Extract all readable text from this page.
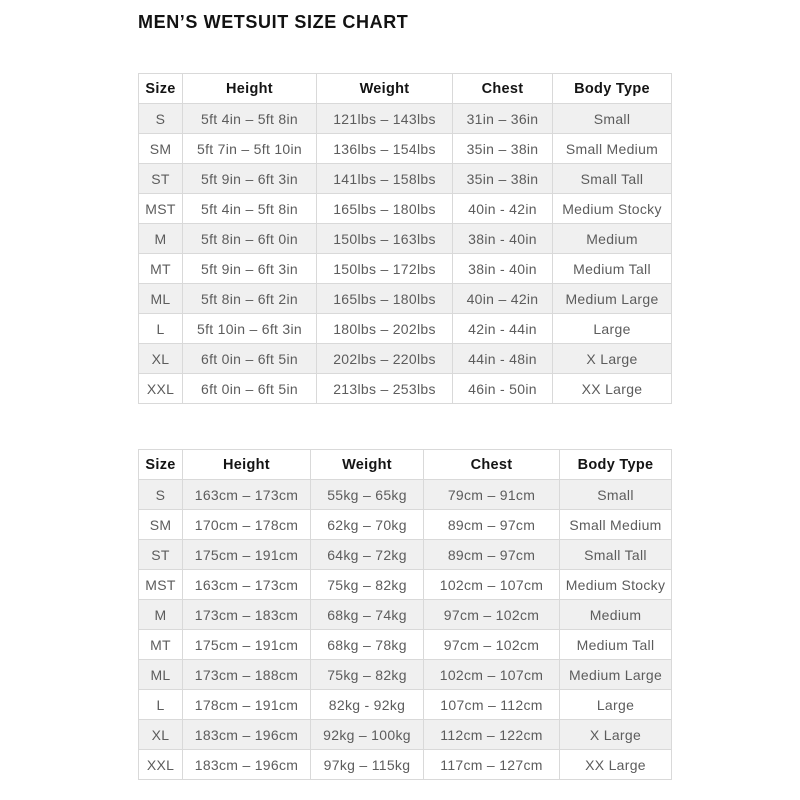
MEN’S WETSUIT SIZE CHART
Size	Height	Weight	Chest	Body Type
S	5ft 4in – 5ft 8in	121lbs – 143lbs	31in – 36in	Small
SM	5ft 7in – 5ft 10in	136lbs – 154lbs	35in – 38in	Small Medium
ST	5ft 9in – 6ft 3in	141lbs – 158lbs	35in – 38in	Small Tall
MST	5ft 4in – 5ft 8in	165lbs – 180lbs	40in - 42in	Medium Stocky
M	5ft 8in – 6ft 0in	150lbs – 163lbs	38in - 40in	Medium
MT	5ft 9in – 6ft 3in	150lbs – 172lbs	38in - 40in	Medium Tall
ML	5ft 8in – 6ft 2in	165lbs – 180lbs	40in – 42in	Medium Large
L	5ft 10in – 6ft 3in	180lbs – 202lbs	42in - 44in	Large
XL	6ft 0in – 6ft 5in	202lbs – 220lbs	44in - 48in	X Large
XXL	6ft 0in – 6ft 5in	213lbs – 253lbs	46in - 50in	XX Large
Size	Height	Weight	Chest	Body Type
S	163cm – 173cm	55kg – 65kg	79cm – 91cm	Small
SM	170cm – 178cm	62kg – 70kg	89cm – 97cm	Small Medium
ST	175cm – 191cm	64kg – 72kg	89cm – 97cm	Small Tall
MST	163cm – 173cm	75kg – 82kg	102cm – 107cm	Medium Stocky
M	173cm – 183cm	68kg – 74kg	97cm – 102cm	Medium
MT	175cm – 191cm	68kg – 78kg	97cm – 102cm	Medium Tall
ML	173cm – 188cm	75kg – 82kg	102cm – 107cm	Medium Large
L	178cm – 191cm	82kg - 92kg	107cm – 112cm	Large
XL	183cm – 196cm	92kg – 100kg	112cm – 122cm	X Large
XXL	183cm – 196cm	97kg – 115kg	117cm – 127cm	XX Large
